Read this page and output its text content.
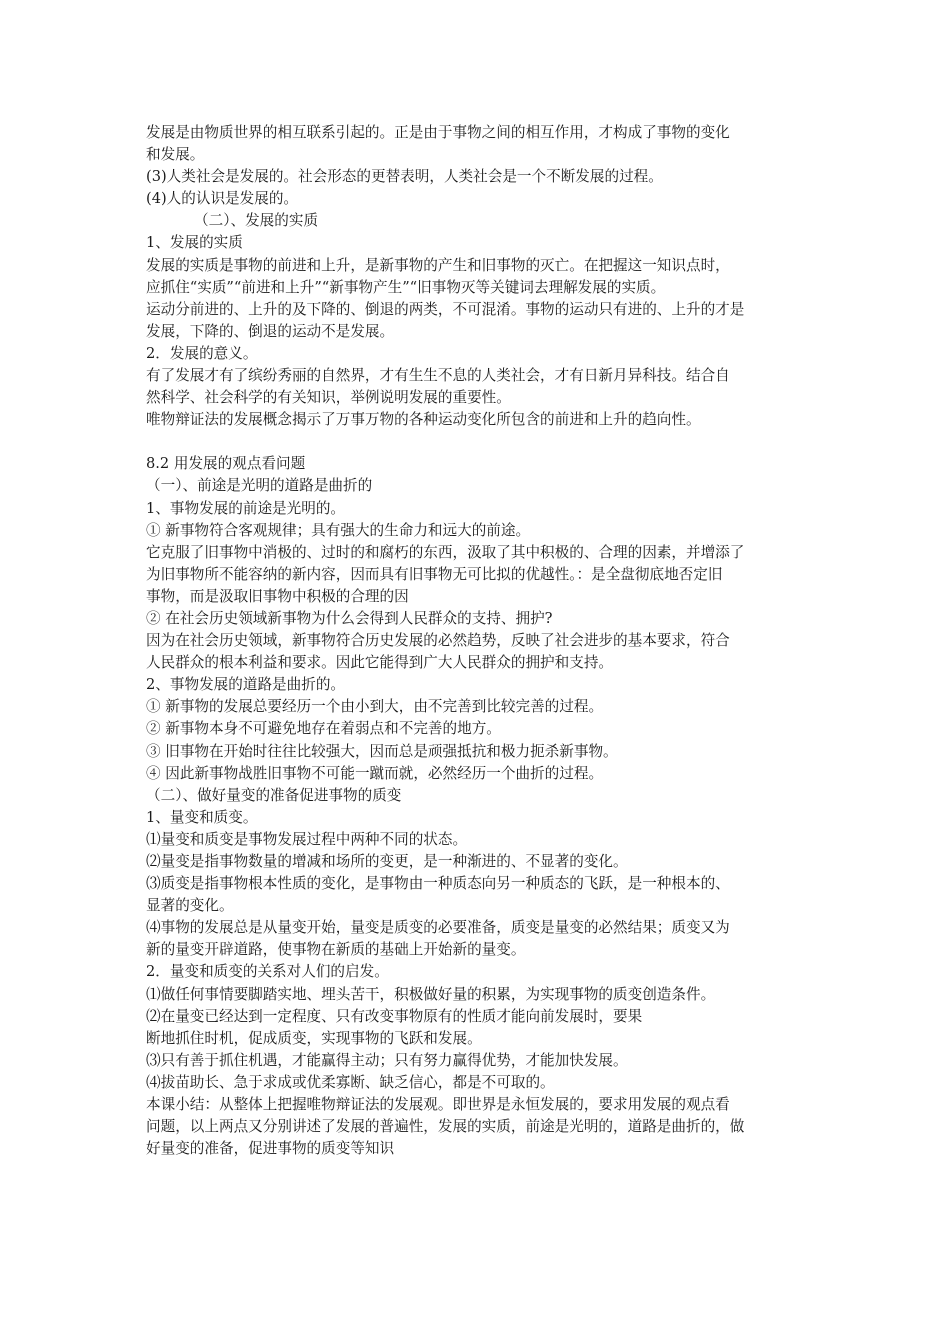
发展是由物质世界的相互联系引起的。正是由于事物之间的相互作用，才构成了事物的变化
和发展。
(3)人类社会是发展的。社会形态的更替表明，人类社会是一个不断发展的过程。
(4)人的认识是发展的。
（二）、发展的实质
1、发展的实质
发展的实质是事物的前进和上升，是新事物的产生和旧事物的灭亡。在把握这一知识点时，
应抓住“实质”“前进和上升”“新事物产生”“旧事物灭等关键词去理解发展的实质。
运动分前进的、上升的及下降的、倒退的两类，不可混淆。事物的运动只有进的、上升的才是
发展，下降的、倒退的运动不是发展。
2．发展的意义。
有了发展才有了缤纷秀丽的自然界，才有生生不息的人类社会，才有日新月异科技。结合自
然科学、社会科学的有关知识，举例说明发展的重要性。
唯物辩证法的发展概念揭示了万事万物的各种运动变化所包含的前进和上升的趋向性。
8.2 用发展的观点看问题
（一）、前途是光明的道路是曲折的
1、事物发展的前途是光明的。
① 新事物符合客观规律；具有强大的生命力和远大的前途。
它克服了旧事物中消极的、过时的和腐朽的东西，汲取了其中积极的、合理的因素，并增添了
为旧事物所不能容纳的新内容，因而具有旧事物无可比拟的优越性。：是全盘彻底地否定旧
事物，而是汲取旧事物中积极的合理的因
② 在社会历史领域新事物为什么会得到人民群众的支持、拥护?
因为在社会历史领域，新事物符合历史发展的必然趋势，反映了社会进步的基本要求，符合
人民群众的根本利益和要求。因此它能得到广大人民群众的拥护和支持。
2、事物发展的道路是曲折的。
① 新事物的发展总要经历一个由小到大，由不完善到比较完善的过程。
② 新事物本身不可避免地存在着弱点和不完善的地方。
③ 旧事物在开始时往往比较强大，因而总是顽强抵抗和极力扼杀新事物。
④ 因此新事物战胜旧事物不可能一蹴而就，必然经历一个曲折的过程。
（二）、做好量变的准备促进事物的质变
1、量变和质变。
⑴量变和质变是事物发展过程中两种不同的状态。
⑵量变是指事物数量的增减和场所的变更，是一种渐进的、不显著的变化。
⑶质变是指事物根本性质的变化，是事物由一种质态向另一种质态的飞跃，是一种根本的、
显著的变化。
⑷事物的发展总是从量变开始，量变是质变的必要准备，质变是量变的必然结果；质变又为
新的量变开辟道路，使事物在新质的基础上开始新的量变。
2．量变和质变的关系对人们的启发。
⑴做任何事情要脚踏实地、埋头苦干，积极做好量的积累，为实现事物的质变创造条件。
⑵在量变已经达到一定程度、只有改变事物原有的性质才能向前发展时，要果
断地抓住时机，促成质变，实现事物的飞跃和发展。
⑶只有善于抓住机遇，才能赢得主动；只有努力赢得优势，才能加快发展。
⑷拔苗助长、急于求成或优柔寡断、缺乏信心，都是不可取的。
本课小结：从整体上把握唯物辩证法的发展观。即世界是永恒发展的，要求用发展的观点看
问题，以上两点又分别讲述了发展的普遍性，发展的实质，前途是光明的，道路是曲折的，做
好量变的准备，促进事物的质变等知识
